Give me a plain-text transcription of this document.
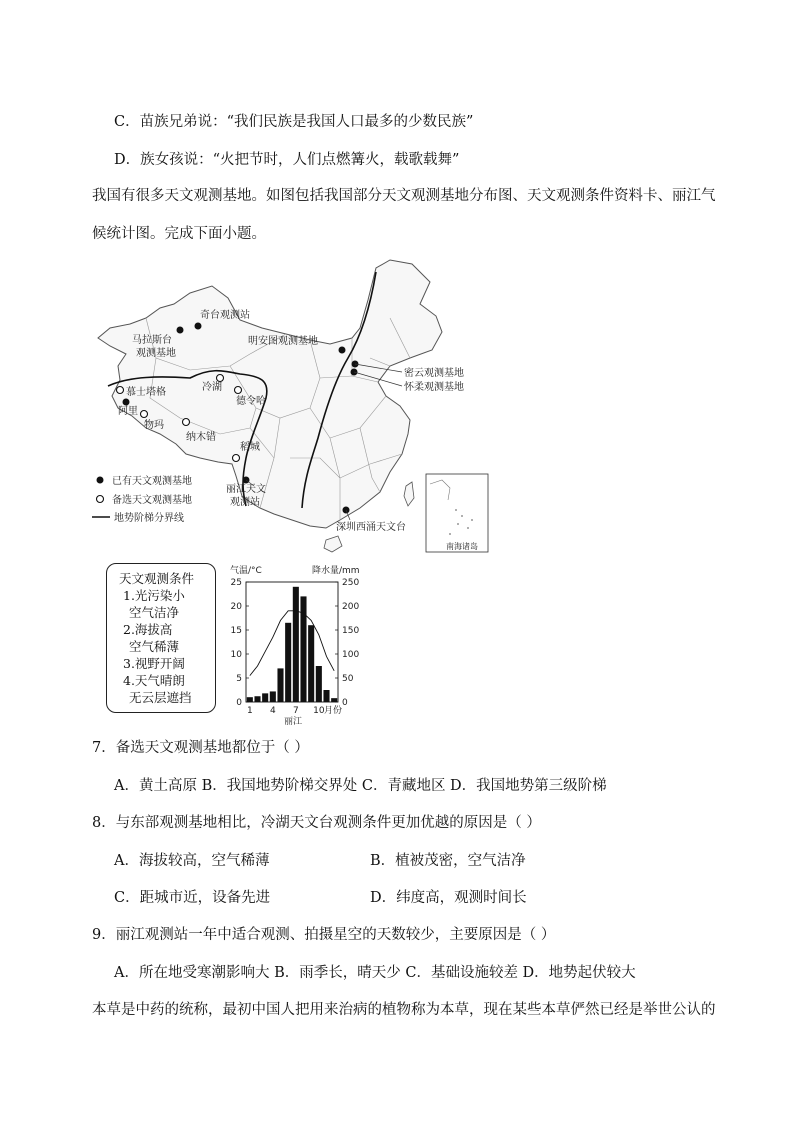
C．苗族兄弟说：“我们民族是我国人口最多的少数民族”
D．族女孩说：“火把节时，人们点燃篝火，载歌载舞”
我国有很多天文观测基地。如图包括我国部分天文观测基地分布图、天文观测条件资料卡、丽江气
候统计图。完成下面小题。
奇台观测站
马拉斯台
观测基地
明安图观测基地
密云观测基地
怀柔观测基地
慕士塔格
阿里
物玛
冷湖
德令哈
纳木错
稻城
丽江天文
观测站
深圳西涌天文台
南海诸岛
已有天文观测基地
备选天文观测基地
地势阶梯分界线
天文观测条件
1.光污染小
空气洁净
2.海拔高
空气稀薄
3.视野开阔
4.天气晴朗
无云层遮挡
气温/°C	降水量/mm
0
5
10
15
20
25
0
50
100
150
200
250
1 4 7 10 月份
丽江
7．备选天文观测基地都位于（ ）
A．黄土高原 B．我国地势阶梯交界处 C．青藏地区 D．我国地势第三级阶梯
8．与东部观测基地相比，冷湖天文台观测条件更加优越的原因是（ ）
A．海拔较高，空气稀薄	B．植被茂密，空气洁净
C．距城市近，设备先进	D．纬度高，观测时间长
9．丽江观测站一年中适合观测、拍摄星空的天数较少，主要原因是（ ）
A．所在地受寒潮影响大 B．雨季长，晴天少 C．基础设施较差 D．地势起伏较大
本草是中药的统称，最初中国人把用来治病的植物称为本草，现在某些本草俨然已经是举世公认的
